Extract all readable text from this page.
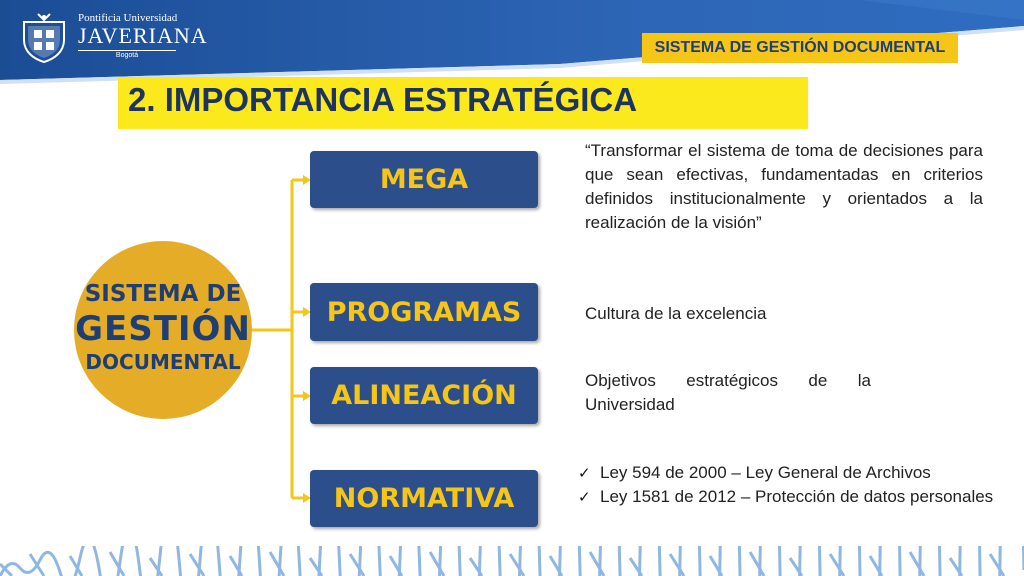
Pontificia Universidad
JAVERIANA
Bogotá	SISTEMA DE GESTIÓN DOCUMENTAL
2. IMPORTANCIA ESTRATÉGICA
SISTEMA DE
GESTIÓN
DOCUMENTAL
MEGA
PROGRAMAS
ALINEACIÓN
NORMATIVA
“Transformar el sistema de toma de decisiones para que sean efectivas, fundamentadas en criterios definidos institucionalmente y orientados a la realización de la visión”
Cultura de la excelencia
Objetivos estratégicos de la Universidad
✓ Ley 594 de 2000 – Ley General de Archivos
✓ Ley 1581 de 2012 – Protección de datos personales
